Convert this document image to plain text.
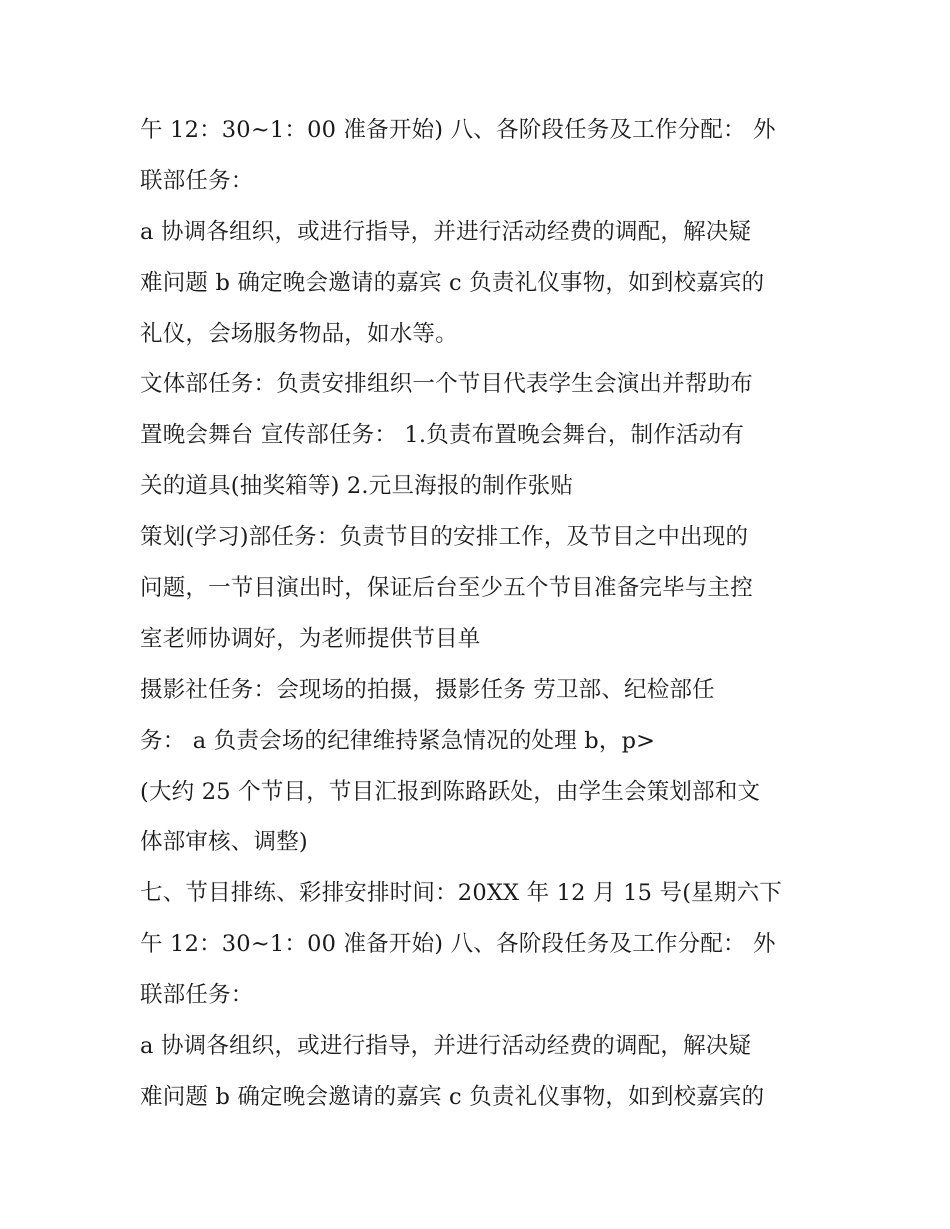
午 12：30~1：00 准备开始) 八、各阶段任务及工作分配： 外
联部任务：
a 协调各组织，或进行指导，并进行活动经费的调配，解决疑
难问题 b 确定晚会邀请的嘉宾 c 负责礼仪事物，如到校嘉宾的
礼仪，会场服务物品，如水等。
文体部任务：负责安排组织一个节目代表学生会演出并帮助布
置晚会舞台 宣传部任务： 1.负责布置晚会舞台，制作活动有
关的道具(抽奖箱等) 2.元旦海报的制作张贴
策划(学习)部任务：负责节目的安排工作，及节目之中出现的
问题，一节目演出时，保证后台至少五个节目准备完毕与主控
室老师协调好，为老师提供节目单
摄影社任务：会现场的拍摄，摄影任务 劳卫部、纪检部任
务： a 负责会场的纪律维持紧急情况的处理 b，p>
(大约 25 个节目，节目汇报到陈路跃处，由学生会策划部和文
体部审核、调整)
七、节目排练、彩排安排时间：20XX 年 12 月 15 号(星期六下
午 12：30~1：00 准备开始) 八、各阶段任务及工作分配： 外
联部任务：
a 协调各组织，或进行指导，并进行活动经费的调配，解决疑
难问题 b 确定晚会邀请的嘉宾 c 负责礼仪事物，如到校嘉宾的
